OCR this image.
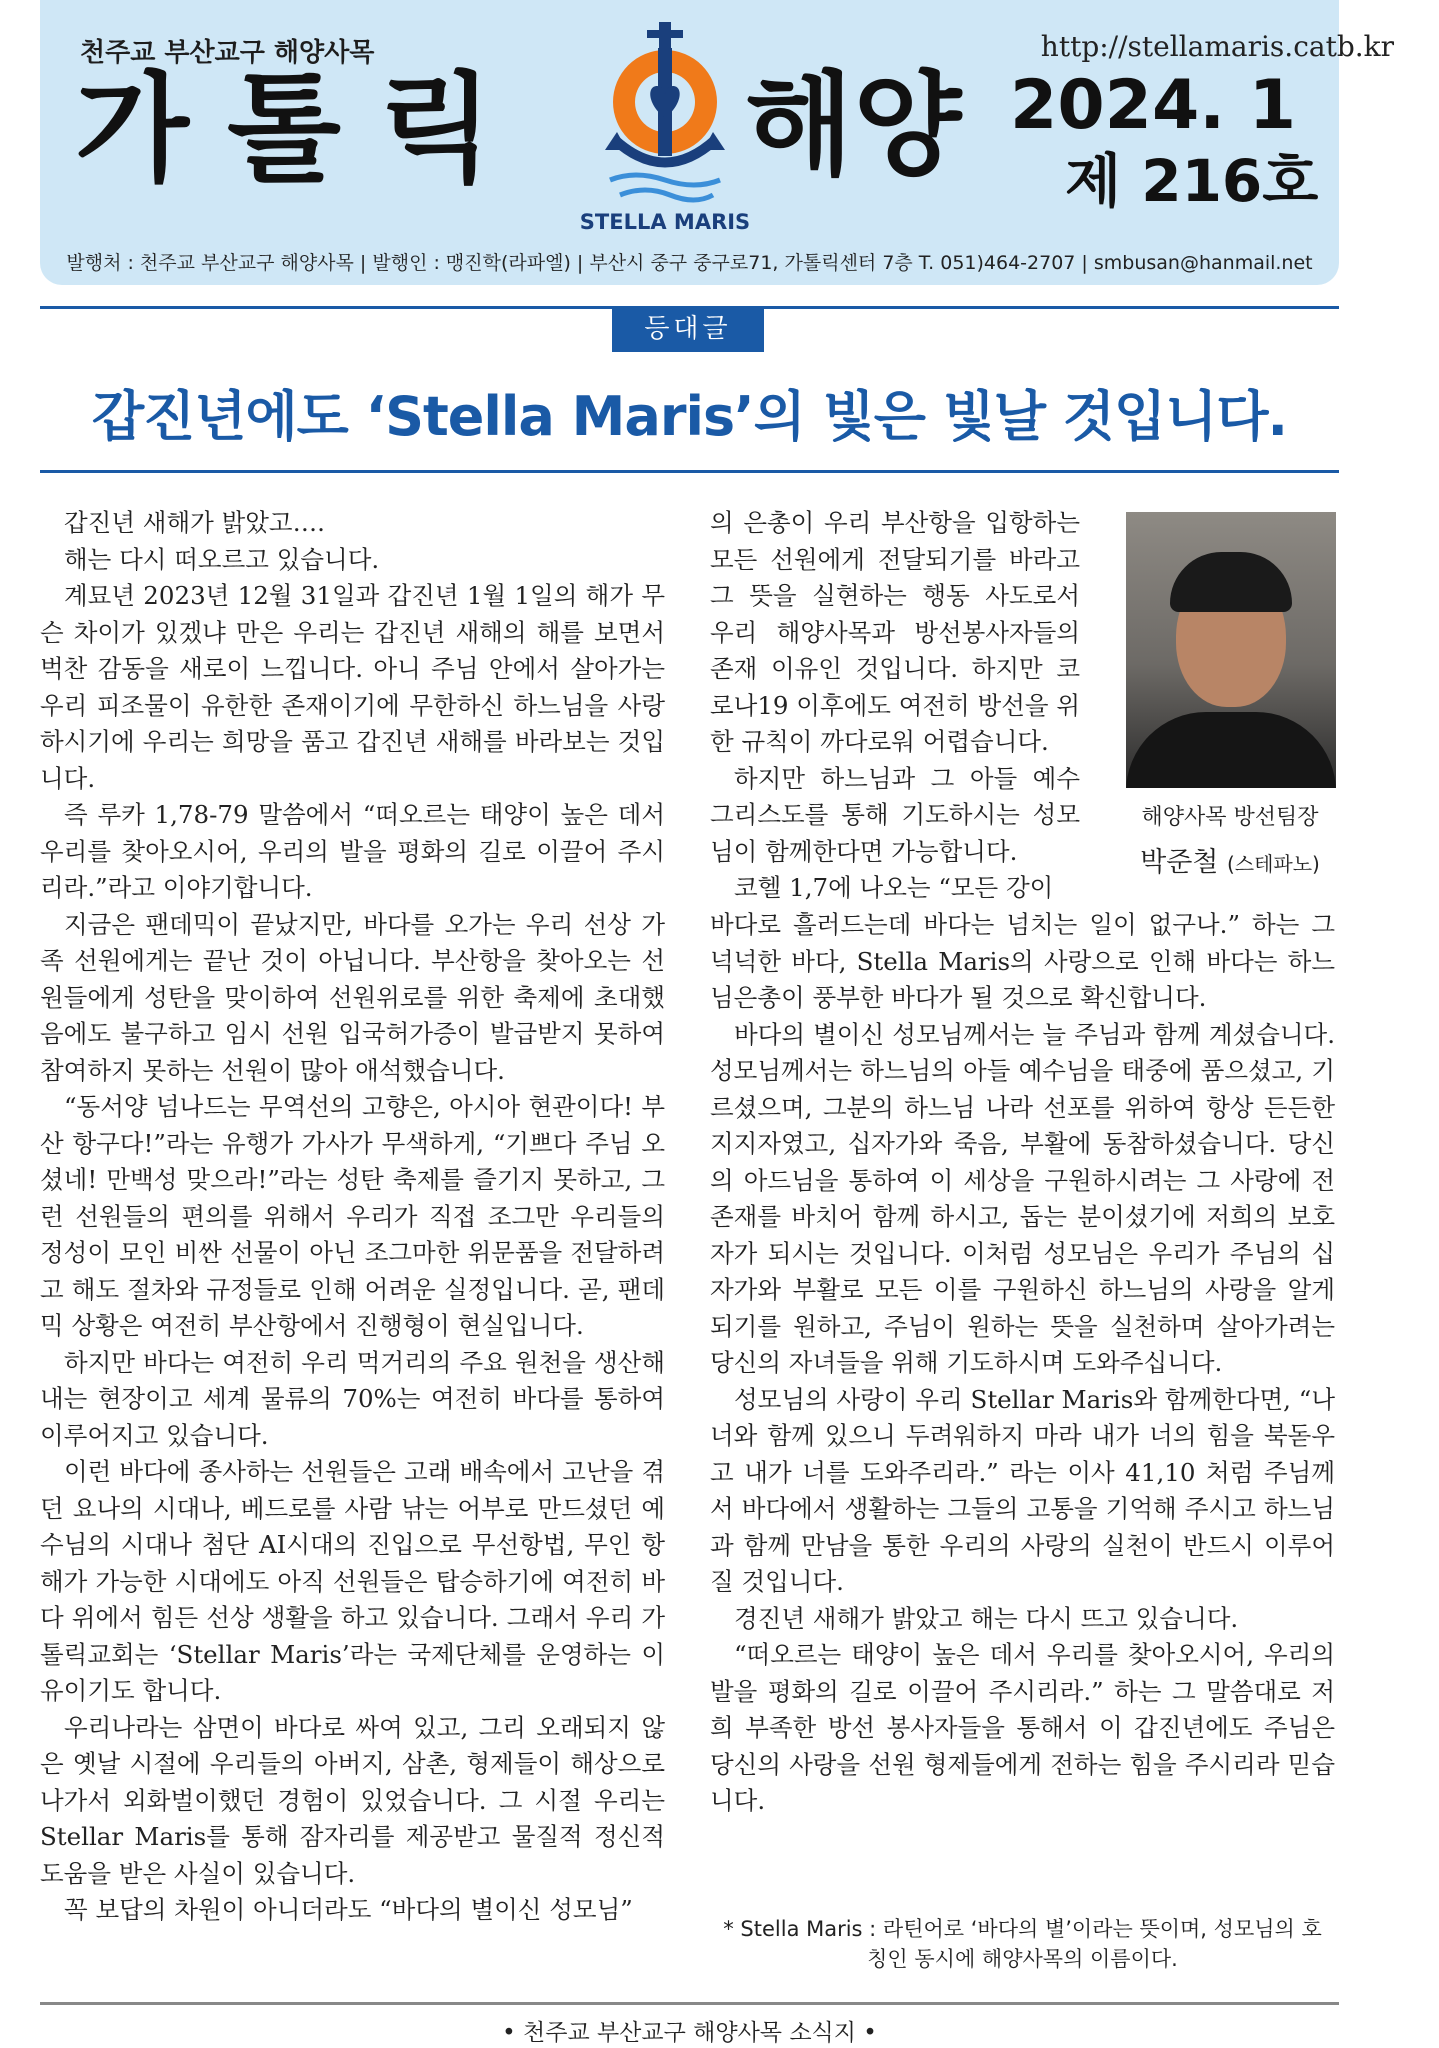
천주교 부산교구 해양사목	http://stellamaris.catb.kr
가톨릭
STELLA MARIS
해양 2024. 1
제 216호
발행처 : 천주교 부산교구 해양사목 | 발행인 : 맹진학(라파엘) | 부산시 중구 중구로71, 가톨릭센터 7층 T. 051)464-2707 | smbusan@hanmail.net
등대글
갑진년에도 ‘Stella Maris’의 빛은 빛날 것입니다.

갑진년 새해가 밝았고….

해는 다시 떠오르고 있습니다.

계묘년 2023년 12월 31일과 갑진년 1월 1일의 해가 무슨 차이가 있겠냐 만은 우리는 갑진년 새해의 해를 보면서 벅찬 감동을 새로이 느낍니다. 아니 주님 안에서 살아가는 우리 피조물이 유한한 존재이기에 무한하신 하느님을 사랑하시기에 우리는 희망을 품고 갑진년 새해를 바라보는 것입니다.

즉 루카 1,78-79 말씀에서 “떠오르는 태양이 높은 데서 우리를 찾아오시어, 우리의 발을 평화의 길로 이끌어 주시리라.”라고 이야기합니다.

지금은 팬데믹이 끝났지만, 바다를 오가는 우리 선상 가족 선원에게는 끝난 것이 아닙니다. 부산항을 찾아오는 선원들에게 성탄을 맞이하여 선원위로를 위한 축제에 초대했음에도 불구하고 임시 선원 입국허가증이 발급받지 못하여 참여하지 못하는 선원이 많아 애석했습니다.

“동서양 넘나드는 무역선의 고향은, 아시아 현관이다! 부산 항구다!”라는 유행가 가사가 무색하게, “기쁘다 주님 오셨네! 만백성 맞으라!”라는 성탄 축제를 즐기지 못하고, 그런 선원들의 편의를 위해서 우리가 직접 조그만 우리들의 정성이 모인 비싼 선물이 아닌 조그마한 위문품을 전달하려고 해도 절차와 규정들로 인해 어려운 실정입니다. 곧, 팬데믹 상황은 여전히 부산항에서 진행형이 현실입니다.

하지만 바다는 여전히 우리 먹거리의 주요 원천을 생산해 내는 현장이고 세계 물류의 70%는 여전히 바다를 통하여 이루어지고 있습니다.

이런 바다에 종사하는 선원들은 고래 배속에서 고난을 겪던 요나의 시대나, 베드로를 사람 낚는 어부로 만드셨던 예수님의 시대나 첨단 AI시대의 진입으로 무선항법, 무인 항해가 가능한 시대에도 아직 선원들은 탑승하기에 여전히 바다 위에서 힘든 선상 생활을 하고 있습니다. 그래서 우리 가톨릭교회는 ‘Stellar Maris’라는 국제단체를 운영하는 이유이기도 합니다.

우리나라는 삼면이 바다로 싸여 있고, 그리 오래되지 않은 옛날 시절에 우리들의 아버지, 삼촌, 형제들이 해상으로 나가서 외화벌이했던 경험이 있었습니다. 그 시절 우리는 Stellar Maris를 통해 잠자리를 제공받고 물질적 정신적 도움을 받은 사실이 있습니다.

꼭 보답의 차원이 아니더라도 “바다의 별이신 성모님”

의 은총이 우리 부산항을 입항하는 모든 선원에게 전달되기를 바라고 그 뜻을 실현하는 행동 사도로서 우리 해양사목과 방선봉사자들의 존재 이유인 것입니다. 하지만 코로나19 이후에도 여전히 방선을 위한 규칙이 까다로워 어렵습니다.

하지만 하느님과 그 아들 예수 그리스도를 통해 기도하시는 성모님이 함께한다면 가능합니다.

코헬 1,7에 나오는 “모든 강이

해양사목 방선팀장
박준철 (스테파노)

바다로 흘러드는데 바다는 넘치는 일이 없구나.” 하는 그 넉넉한 바다, Stella Maris의 사랑으로 인해 바다는 하느님은총이 풍부한 바다가 될 것으로 확신합니다.

바다의 별이신 성모님께서는 늘 주님과 함께 계셨습니다. 성모님께서는 하느님의 아들 예수님을 태중에 품으셨고, 기르셨으며, 그분의 하느님 나라 선포를 위하여 항상 든든한 지지자였고, 십자가와 죽음, 부활에 동참하셨습니다. 당신의 아드님을 통하여 이 세상을 구원하시려는 그 사랑에 전 존재를 바치어 함께 하시고, 돕는 분이셨기에 저희의 보호자가 되시는 것입니다. 이처럼 성모님은 우리가 주님의 십자가와 부활로 모든 이를 구원하신 하느님의 사랑을 알게 되기를 원하고, 주님이 원하는 뜻을 실천하며 살아가려는 당신의 자녀들을 위해 기도하시며 도와주십니다.

성모님의 사랑이 우리 Stellar Maris와 함께한다면, “나 너와 함께 있으니 두려워하지 마라 내가 너의 힘을 북돋우고 내가 너를 도와주리라.” 라는 이사 41,10 처럼 주님께서 바다에서 생활하는 그들의 고통을 기억해 주시고 하느님과 함께 만남을 통한 우리의 사랑의 실천이 반드시 이루어질 것입니다.

경진년 새해가 밝았고 해는 다시 뜨고 있습니다.

“떠오르는 태양이 높은 데서 우리를 찾아오시어, 우리의 발을 평화의 길로 이끌어 주시리라.” 하는 그 말씀대로 저희 부족한 방선 봉사자들을 통해서 이 갑진년에도 주님은 당신의 사랑을 선원 형제들에게 전하는 힘을 주시리라 믿습니다.

* Stella Maris : 라틴어로 ‘바다의 별’이라는 뜻이며, 성모님의 호
칭인 동시에 해양사목의 이름이다.
• 천주교 부산교구 해양사목 소식지 •
